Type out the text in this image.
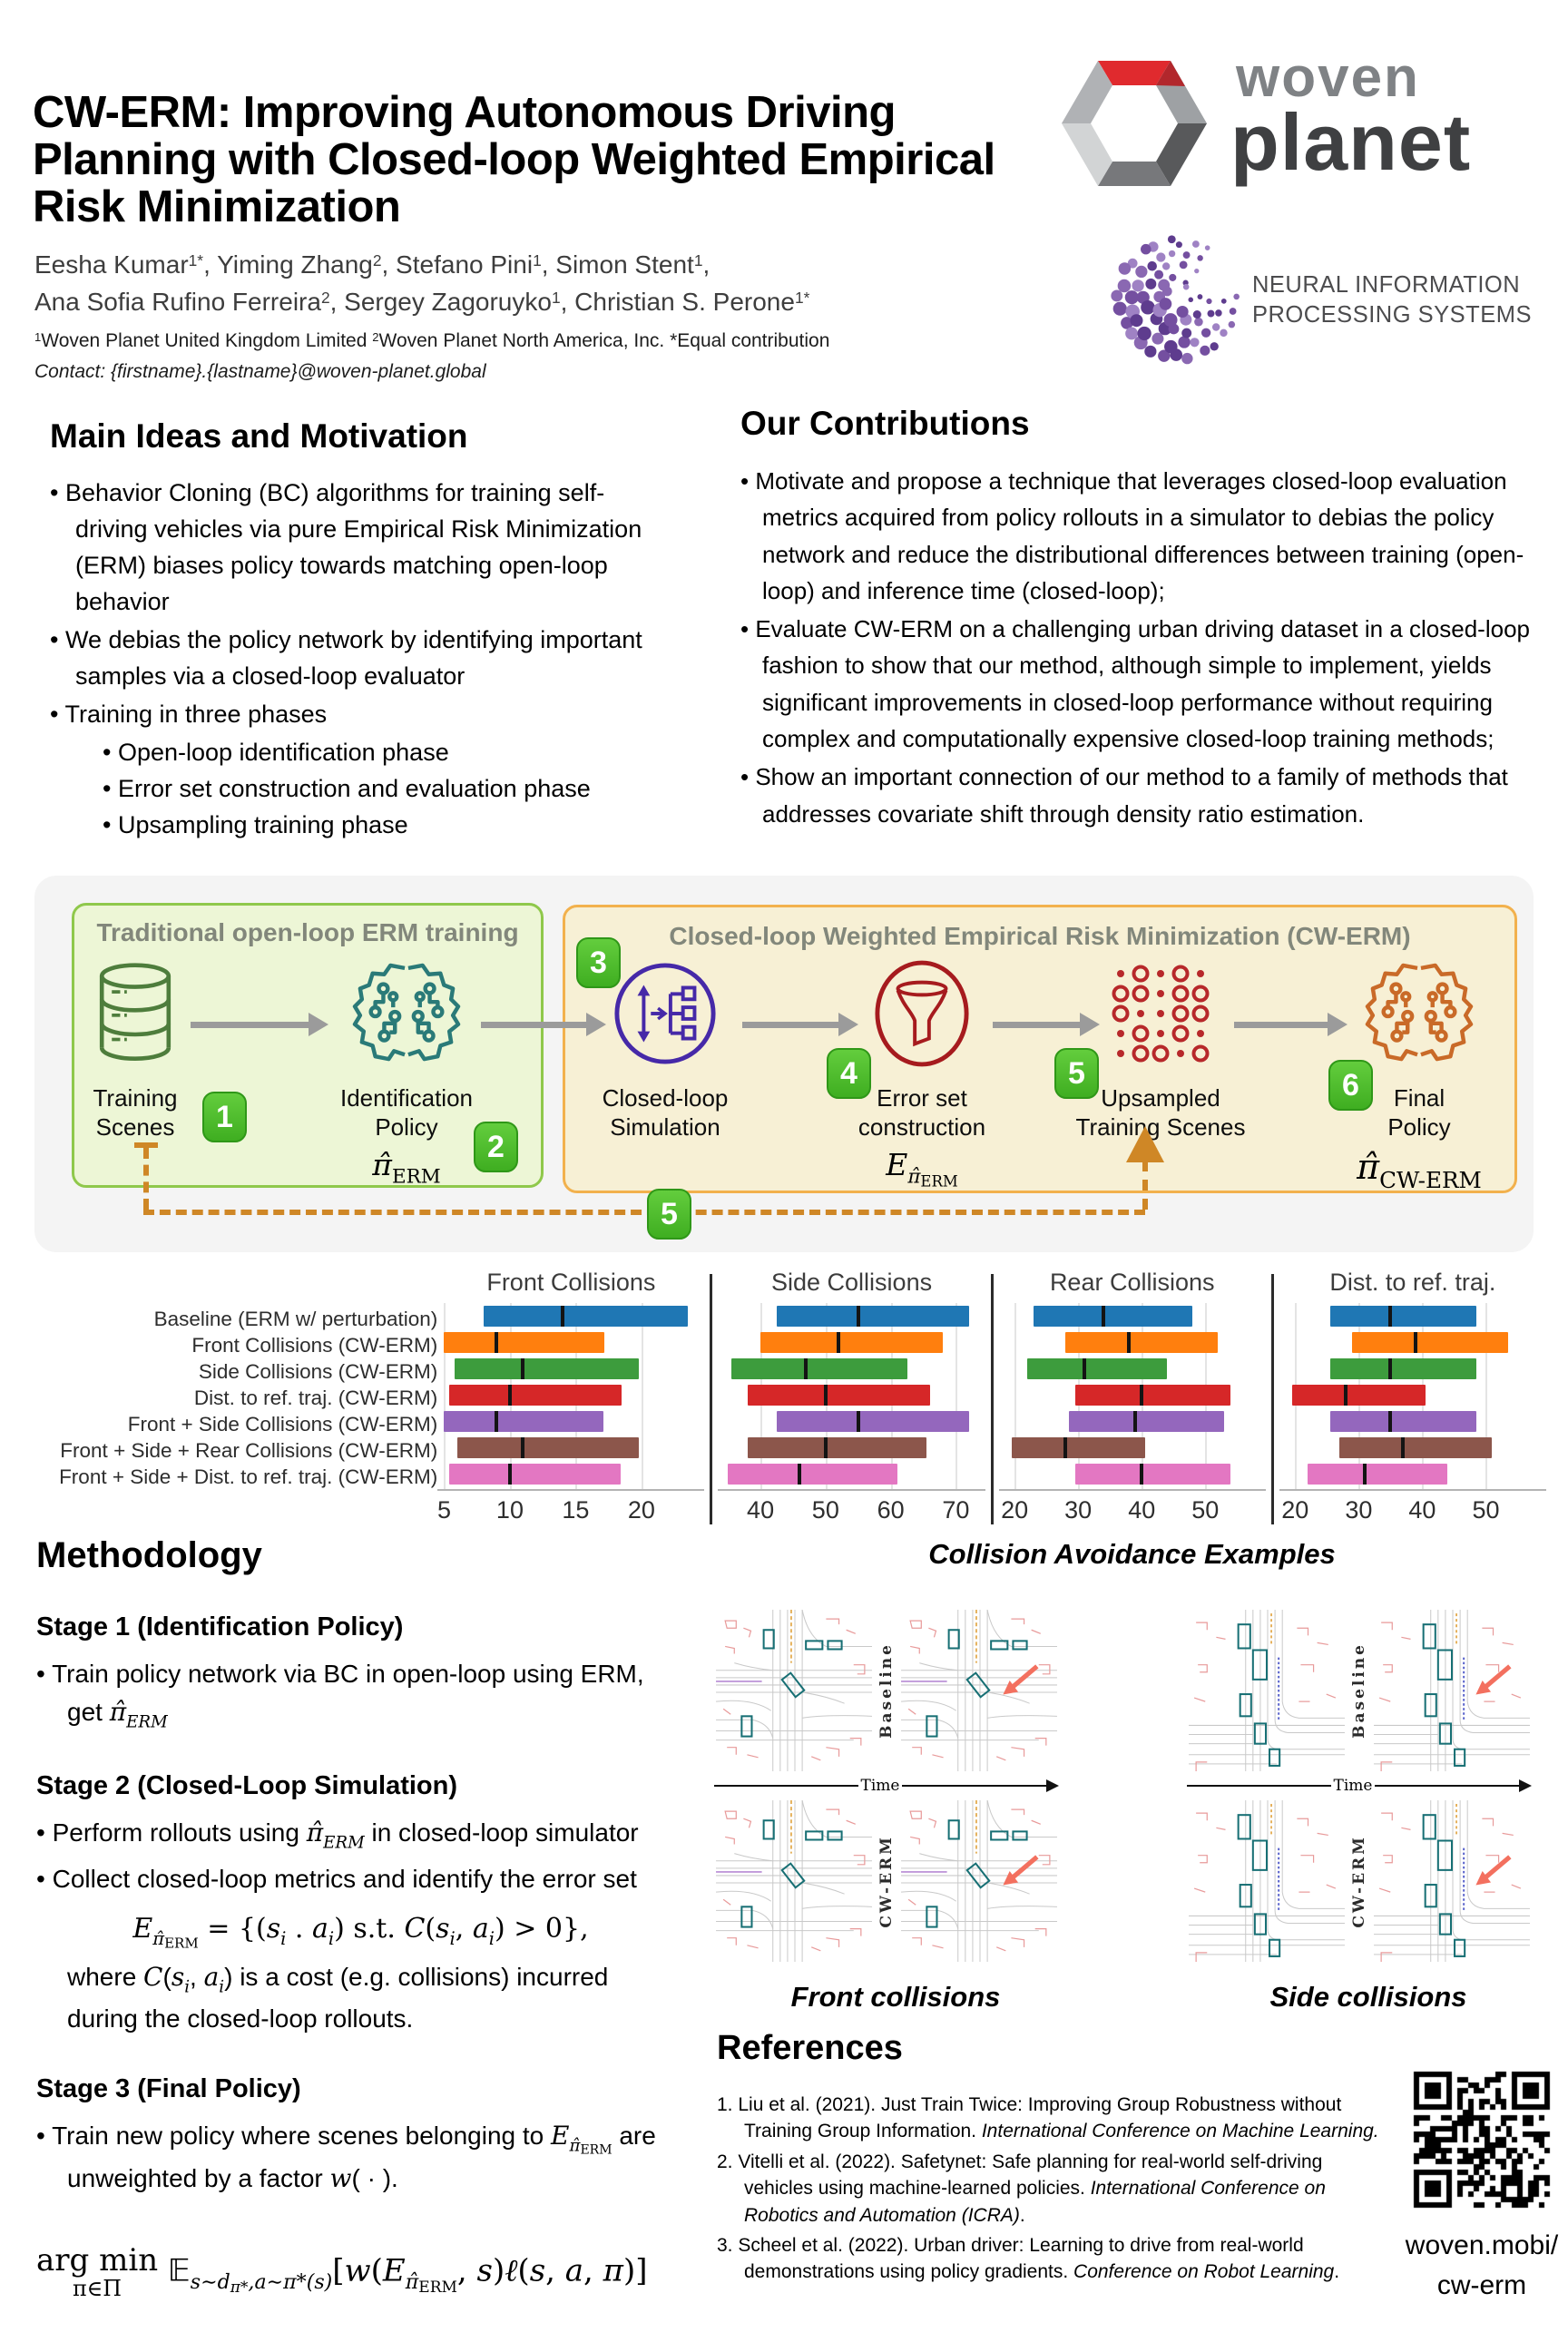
CW-ERM: Improving Autonomous Driving Planning with Closed-loop Weighted Empirical Risk Minimization
Eesha Kumar$^{1*}$, Yiming Zhang$^2$, Stefano Pini$^1$, Simon Stent$^1$,
Ana Sofia Rufino Ferreira$^2$, Sergey Zagoruyko$^1$, Christian S. Perone$^{1*}$
$^1$Woven Planet United Kingdom Limited $^2$Woven Planet North America, Inc. *Equal contribution
Contact: {firstname}.{lastname}@woven-planet.global
woven
planet
NEURAL INFORMATION
PROCESSING SYSTEMS
Main Ideas and Motivation
• Behavior Cloning (BC) algorithms for training self-driving vehicles via pure Empirical Risk Minimization (ERM) biases policy towards matching open-loop behavior
• We debias the policy network by identifying important samples via a closed-loop evaluator
• Training in three phases
• Open-loop identification phase
• Error set construction and evaluation phase
• Upsampling training phase
Our Contributions
• Motivate and propose a technique that leverages closed-loop evaluation metrics acquired from policy rollouts in a simulator to debias the policy network and reduce the distributional differences between training (open-loop) and inference time (closed-loop);
• Evaluate CW-ERM on a challenging urban driving dataset in a closed-loop fashion to show that our method, although simple to implement, yields significant improvements in closed-loop performance without requiring complex and computationally expensive closed-loop training methods;
• Show an important connection of our method to a family of methods that addresses covariate shift through density ratio estimation.
Traditional open-loop ERM training	Closed-loop Weighted Empirical Risk Minimization (CW-ERM)
Training
Scenes
Identification
Policy
$\pî_{ERM}$
Closed-loop
Simulation
Error set
construction
$E_{\pîERM}$
Upsampled
Training Scenes
Final
Policy
$\pî_{CW-ERM}$
1
2
3
4	5	6
5
Baseline (ERM w/ perturbation)
Front Collisions (CW-ERM)
Side Collisions (CW-ERM)
Dist. to ref. traj. (CW-ERM)
Front + Side Collisions (CW-ERM)
Front + Side + Rear Collisions (CW-ERM)
Front + Side + Dist. to ref. traj. (CW-ERM)
Front Collisions
5 10 15 20
Side Collisions
40 50 60 70
Rear Collisions
20 30 40 50
Dist. to ref. traj.
20 30 40 50
Methodology
Stage 1 (Identification Policy)
• Train policy network via BC in open-loop using ERM, get $\pî_{ERM}$
Stage 2 (Closed-Loop Simulation)
• Perform rollouts using $\pî_{ERM}$ in closed-loop simulator
• Collect closed-loop metrics and identify the error set
$E_{\pîERM} = \{(s_i$ . $a_i$) s.t. $C(s_i$, $a_i) > 0$},
where $C(s_i$, $a_i$) is a cost (e.g. collisions) incurred during the closed-loop rollouts.
Stage 3 (Final Policy)
• Train new policy where scenes belonging to $E_{\pîERM}$ are unweighted by a factor w( · ).
arg min
π∈Π	$𝔼_{s\sim d\pi*,a\sim\pi*(s)}[w(E_{\pîERM}$, s)ℓ(s, a, π)]
Collision Avoidance Examples
Baseline
Time
CW-ERM
Front collisions
Baseline
Time
CW-ERM
Side collisions
References
1. Liu et al. (2021). Just Train Twice: Improving Group Robustness without Training Group Information. International Conference on Machine Learning.
2. Vitelli et al. (2022). Safetynet: Safe planning for real-world self-driving vehicles using machine-learned policies. International Conference on Robotics and Automation (ICRA).
3. Scheel et al. (2022). Urban driver: Learning to drive from real-world demonstrations using policy gradients. Conference on Robot Learning.
woven.mobi/
cw-erm
